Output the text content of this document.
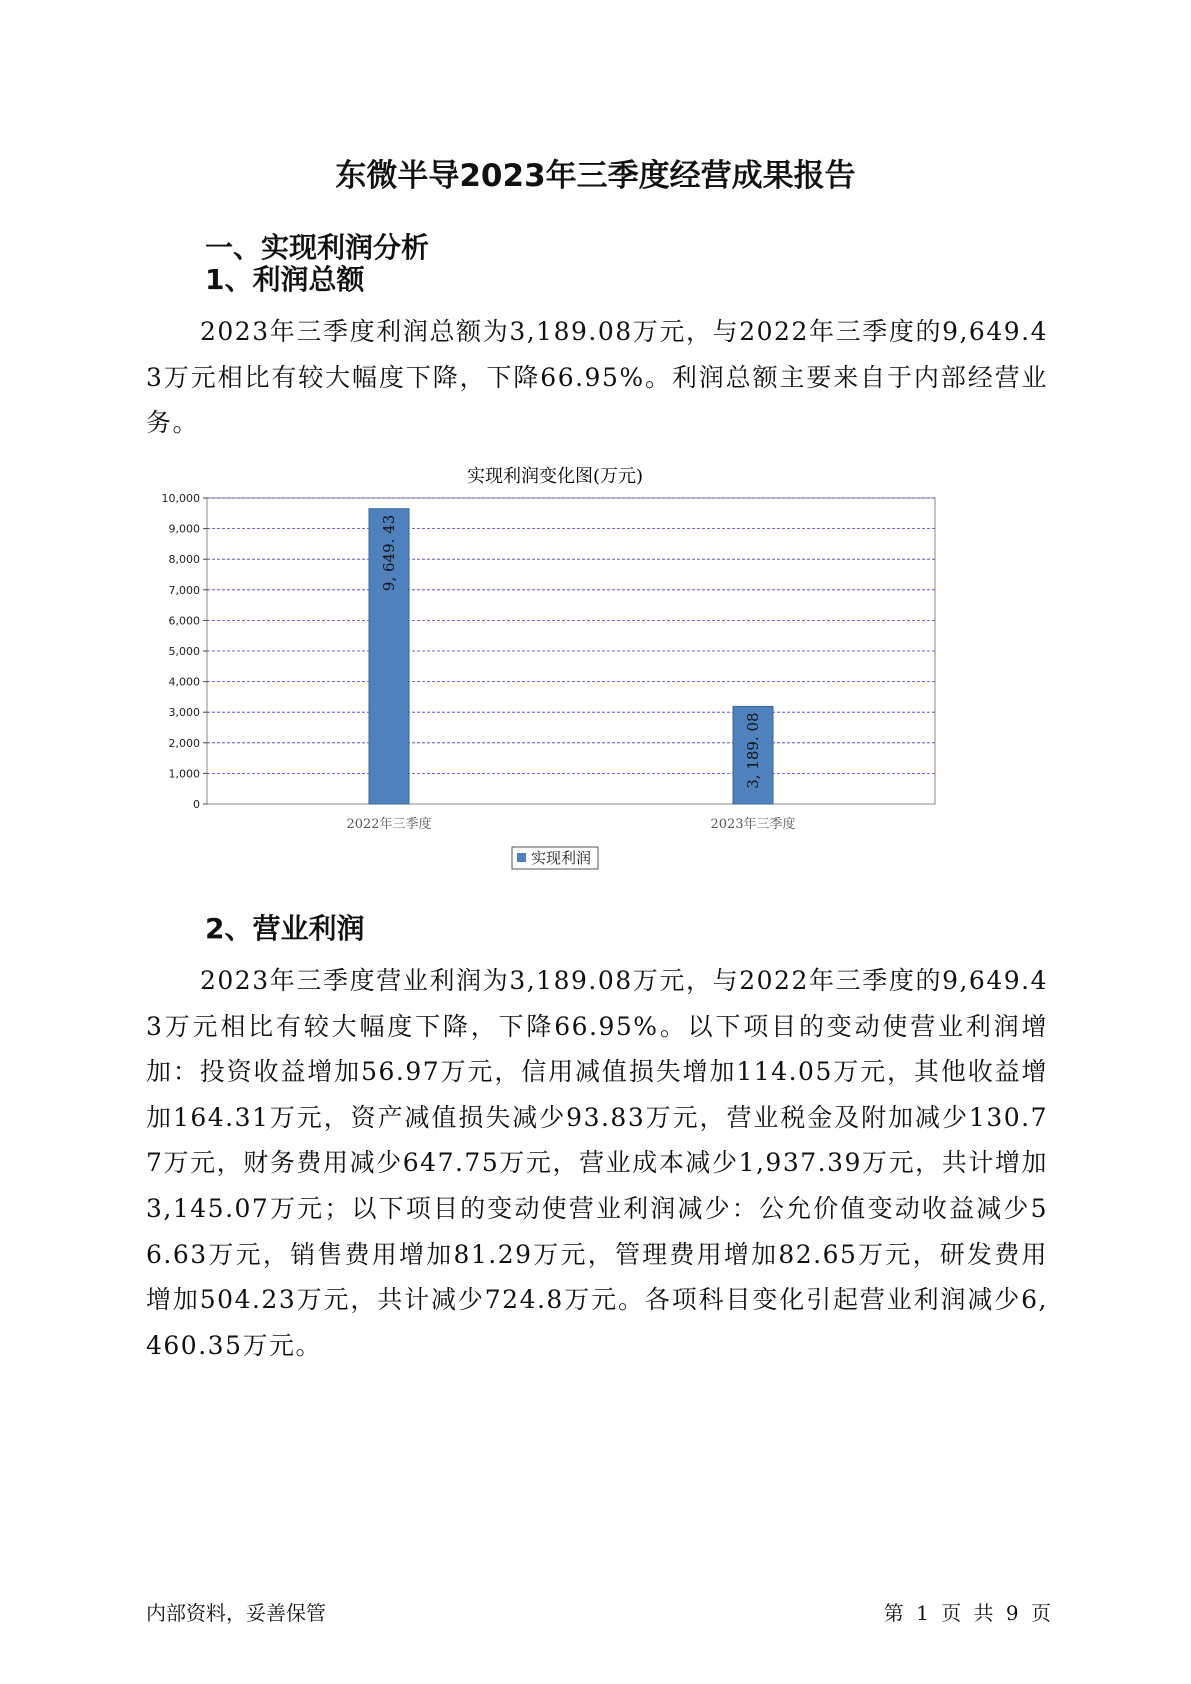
东微半导2023年三季度经营成果报告
一、实现利润分析
1、利润总额
2023年三季度利润总额为3,189.08万元，与2022年三季度的9,649.43万元相比有较大幅度下降，下降66.95%。利润总额主要来自于内部经营业务。
实现利润变化图(万元)
0
1,000
2,000
3,000
4,000
5,000
6,000
7,000
8,000
9,000
10,000
9, 649. 43
3, 189. 08
2022年三季度	2023年三季度
实现利润
2、营业利润
2023年三季度营业利润为3,189.08万元，与2022年三季度的9,649.43万元相比有较大幅度下降，下降66.95%。以下项目的变动使营业利润增加：投资收益增加56.97万元，信用减值损失增加114.05万元，其他收益增加164.31万元，资产减值损失减少93.83万元，营业税金及附加减少130.77万元，财务费用减少647.75万元，营业成本减少1,937.39万元，共计增加3,145.07万元；以下项目的变动使营业利润减少：公允价值变动收益减少56.63万元，销售费用增加81.29万元，管理费用增加82.65万元，研发费用增加504.23万元，共计减少724.8万元。各项科目变化引起营业利润减少6,460.35万元。
内部资料，妥善保管	第 1 页 共 9 页
